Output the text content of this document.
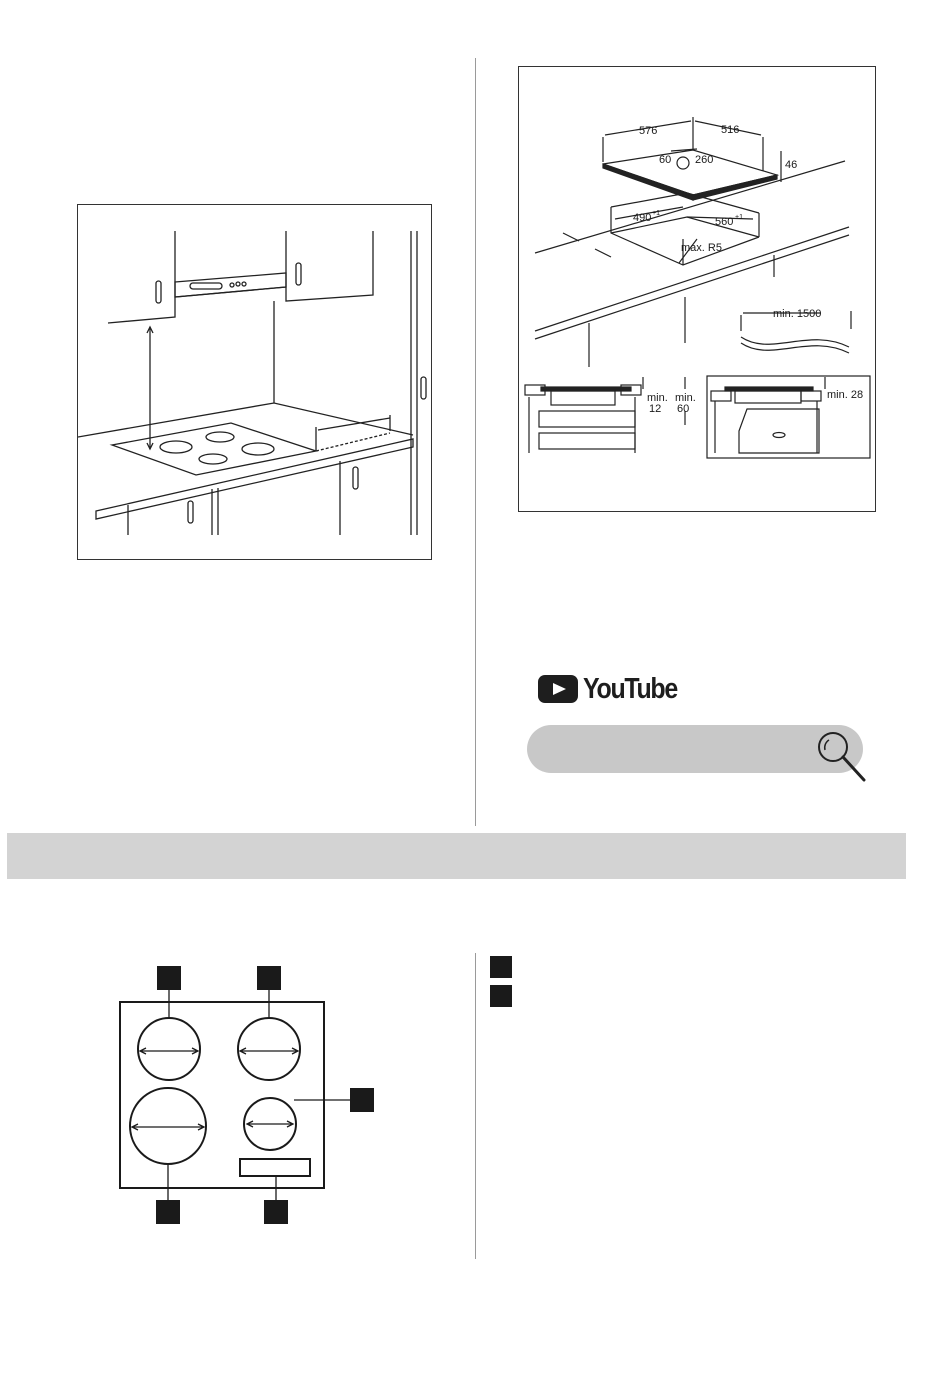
576	516
60 260	46
490 +1
560 +1
max. R5
min. 1500
min.
12
min.
60
min. 28
YouTube
